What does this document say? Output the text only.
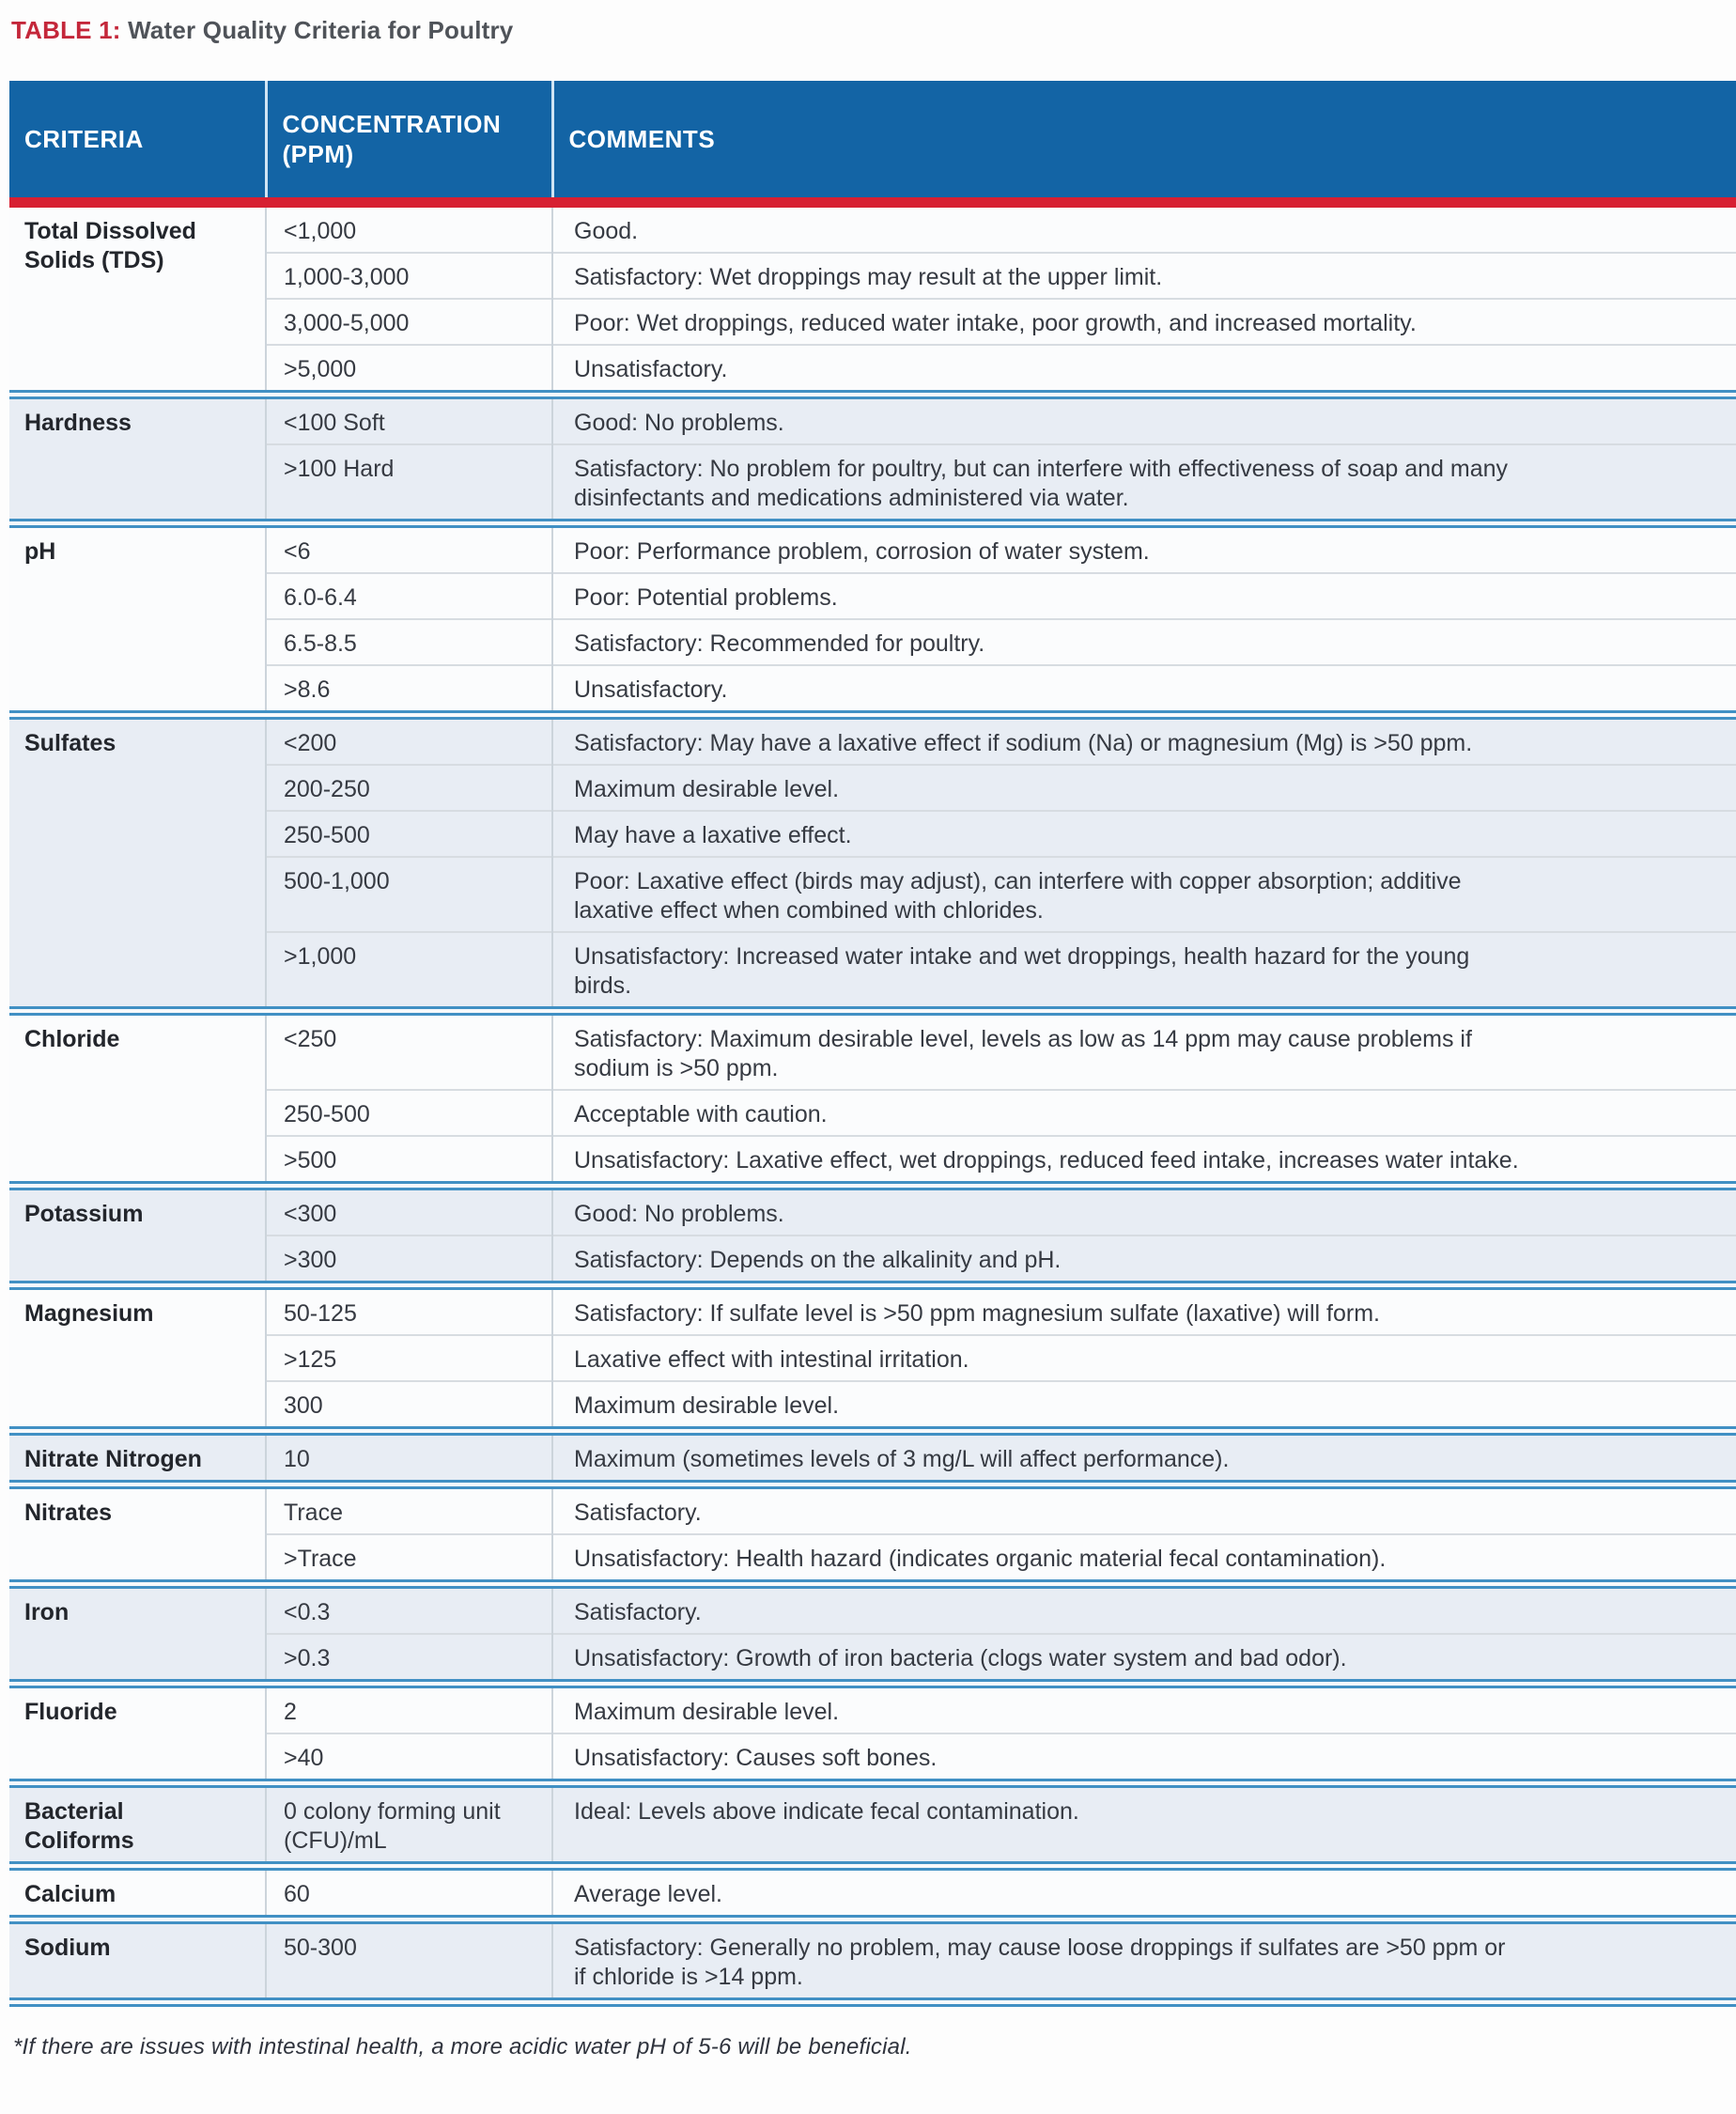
TABLE 1: Water Quality Criteria for Poultry
CRITERIA	CONCENTRATION (PPM)	COMMENTS

Total Dissolved Solids (TDS)	<1,000	Good.
	1,000-3,000	Satisfactory: Wet droppings may result at the upper limit.
	3,000-5,000	Poor: Wet droppings, reduced water intake, poor growth, and increased mortality.
	>5,000	Unsatisfactory.

Hardness	<100 Soft	Good: No problems.
	>100 Hard	Satisfactory: No problem for poultry, but can interfere with effectiveness of soap and many disinfectants and medications administered via water.

pH	<6	Poor: Performance problem, corrosion of water system.
	6.0-6.4	Poor: Potential problems.
	6.5-8.5	Satisfactory: Recommended for poultry.
	>8.6	Unsatisfactory.

Sulfates	<200	Satisfactory: May have a laxative effect if sodium (Na) or magnesium (Mg) is >50 ppm.
	200-250	Maximum desirable level.
	250-500	May have a laxative effect.
	500-1,000	Poor: Laxative effect (birds may adjust), can interfere with copper absorption; additive laxative effect when combined with chlorides.
	>1,000	Unsatisfactory: Increased water intake and wet droppings, health hazard for the young birds.

Chloride	<250	Satisfactory: Maximum desirable level, levels as low as 14 ppm may cause problems if sodium is >50 ppm.
	250-500	Acceptable with caution.
	>500	Unsatisfactory: Laxative effect, wet droppings, reduced feed intake, increases water intake.

Potassium	<300	Good: No problems.
	>300	Satisfactory: Depends on the alkalinity and pH.

Magnesium	50-125	Satisfactory: If sulfate level is >50 ppm magnesium sulfate (laxative) will form.
	>125	Laxative effect with intestinal irritation.
	300	Maximum desirable level.

Nitrate Nitrogen	10	Maximum (sometimes levels of 3 mg/L will affect performance).

Nitrates	Trace	Satisfactory.
	>Trace	Unsatisfactory: Health hazard (indicates organic material fecal contamination).

Iron	<0.3	Satisfactory.
	>0.3	Unsatisfactory: Growth of iron bacteria (clogs water system and bad odor).

Fluoride	2	Maximum desirable level.
	>40	Unsatisfactory: Causes soft bones.

Bacterial Coliforms	0 colony forming unit (CFU)/mL	Ideal: Levels above indicate fecal contamination.

Calcium	60	Average level.

Sodium	50-300	Satisfactory: Generally no problem, may cause loose droppings if sulfates are >50 ppm or if chloride is >14 ppm.

*If there are issues with intestinal health, a more acidic water pH of 5-6 will be beneficial.
